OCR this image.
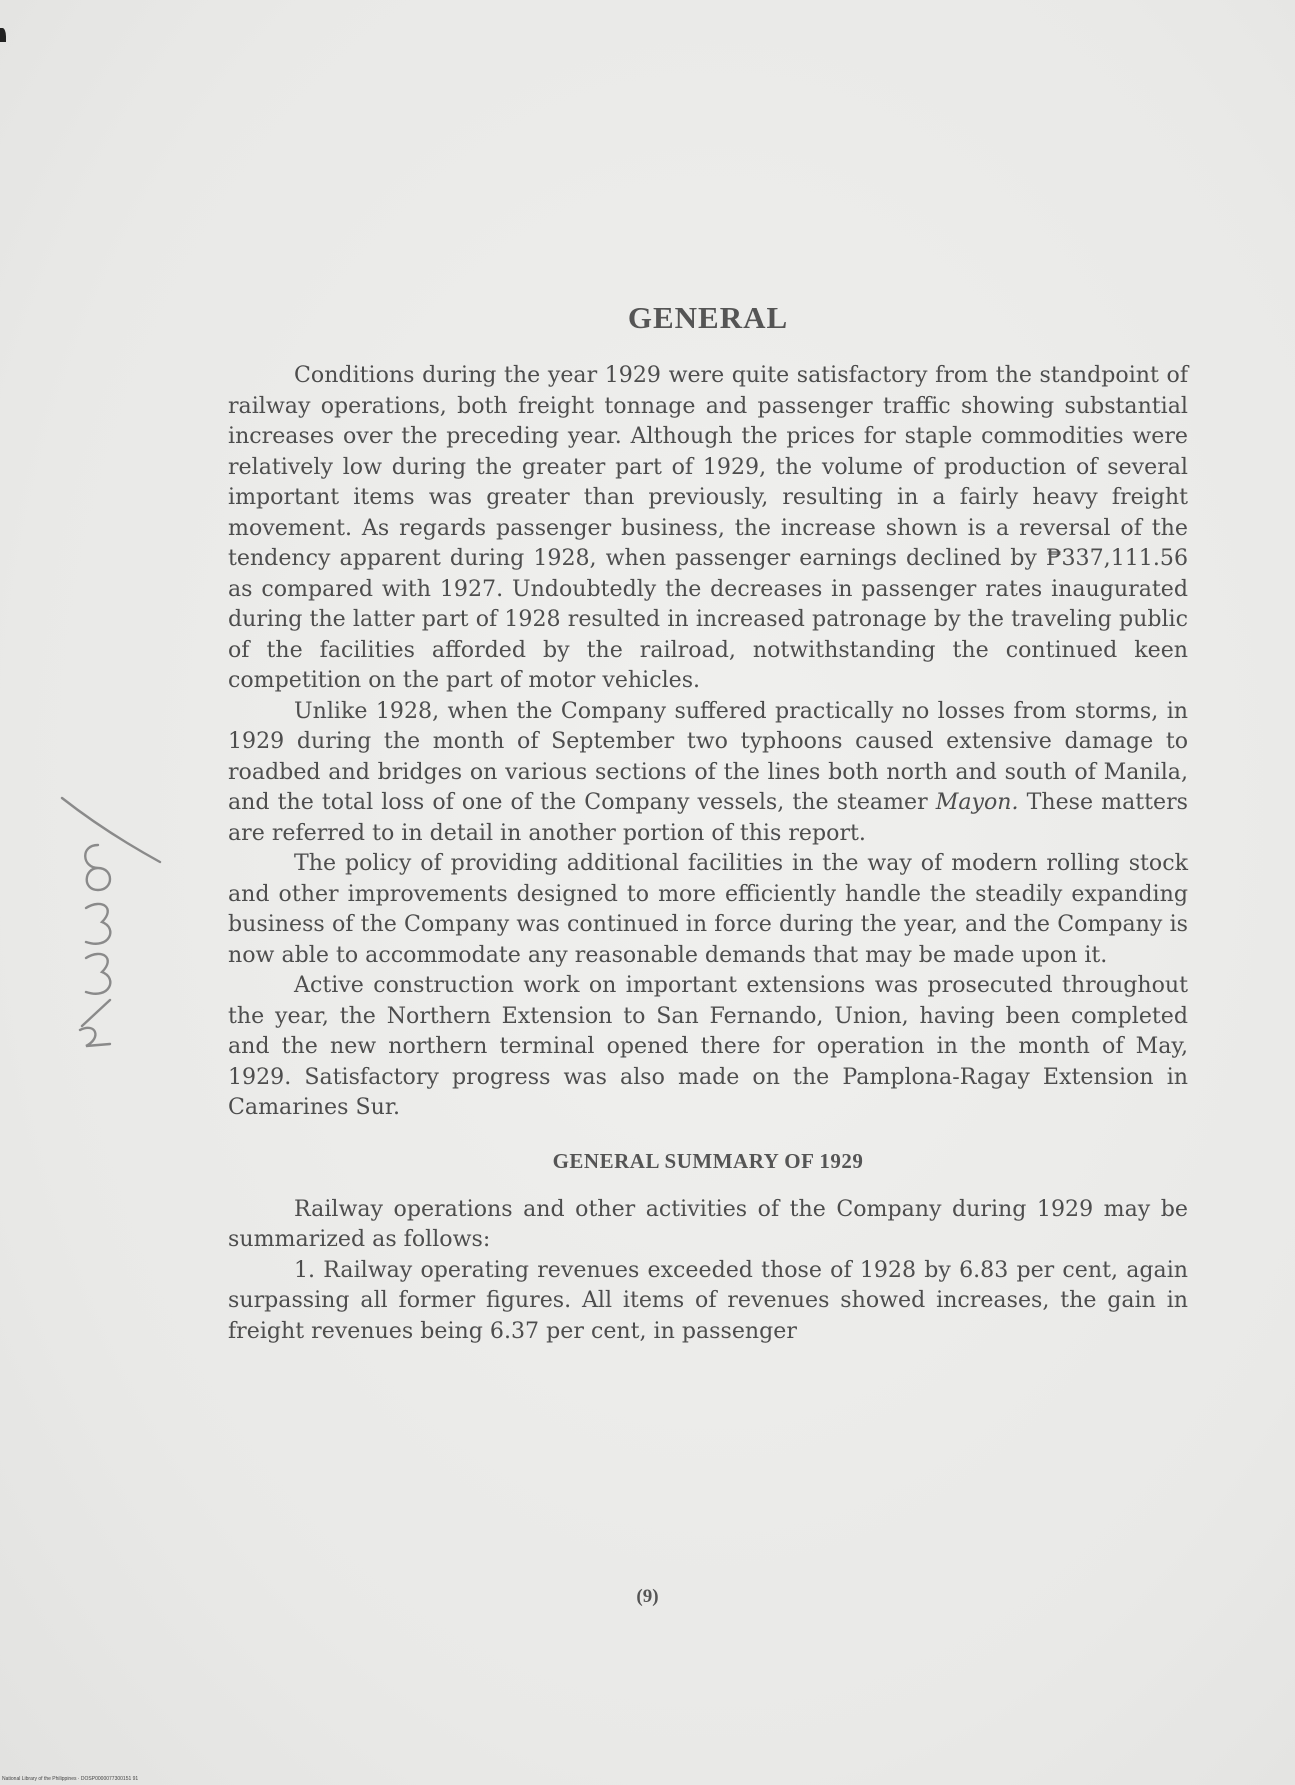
GENERAL

Conditions during the year 1929 were quite satisfactory from the standpoint of railway operations, both freight tonnage and passenger traffic showing substantial increases over the preceding year. Although the prices for staple commodities were relatively low during the greater part of 1929, the volume of production of several important items was greater than previously, resulting in a fairly heavy freight movement. As regards passenger business, the increase shown is a reversal of the tendency apparent during 1928, when passenger earnings declined by ₱337,111.56 as compared with 1927. Undoubtedly the decreases in passenger rates inaugurated during the latter part of 1928 resulted in increased patronage by the traveling public of the facilities afforded by the railroad, notwithstanding the continued keen competition on the part of motor vehicles.

Unlike 1928, when the Company suffered practically no losses from storms, in 1929 during the month of September two typhoons caused extensive damage to roadbed and bridges on various sections of the lines both north and south of Manila, and the total loss of one of the Company vessels, the steamer Mayon. These matters are referred to in detail in another portion of this report.

The policy of providing additional facilities in the way of modern rolling stock and other improvements designed to more efficiently handle the steadily expanding business of the Company was continued in force during the year, and the Company is now able to accommodate any reasonable demands that may be made upon it.

Active construction work on important extensions was prosecuted throughout the year, the Northern Extension to San Fernando, Union, having been completed and the new northern terminal opened there for operation in the month of May, 1929. Satisfactory progress was also made on the Pamplona-Ragay Extension in Camarines Sur.

GENERAL SUMMARY OF 1929

Railway operations and other activities of the Company during 1929 may be summarized as follows:

1. Railway operating revenues exceeded those of 1928 by 6.83 per cent, again surpassing all former figures. All items of revenues showed increases, the gain in freight revenues being 6.37 per cent, in passenger

(9)
National Library of the Philippines · DOSP0000077300151 91
